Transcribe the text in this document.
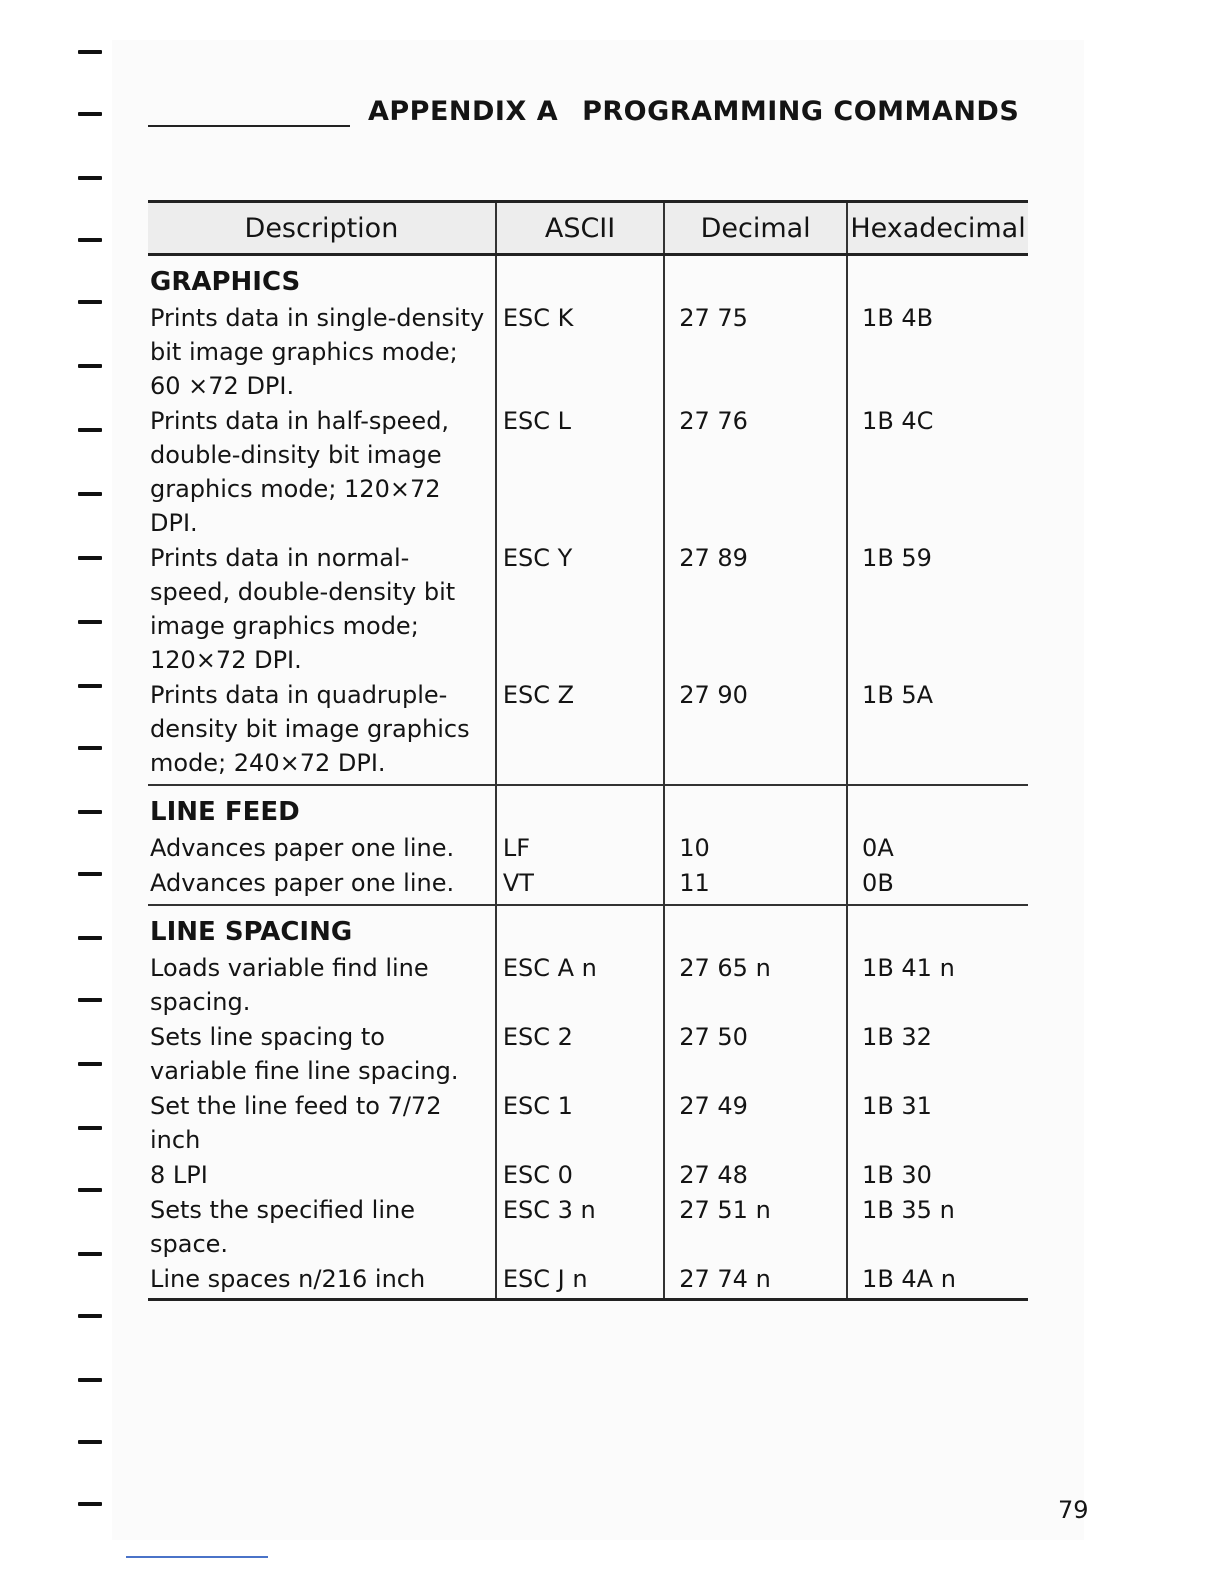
APPENDIX A PROGRAMMING COMMANDS
Description	ASCII	Decimal	Hexadecimal

GRAPHICS			

Prints data in single-density bit image graphics mode; 60 ×72 DPI.	ESC K	27 75	1B 4B
Prints data in half-speed, double-dinsity bit image graphics mode; 120×72 DPI.	ESC L	27 76	1B 4C
Prints data in normal-speed, double-density bit image graphics mode; 120×72 DPI.	ESC Y	27 89	1B 59
Prints data in quadruple-density bit image graphics mode; 240×72 DPI.	ESC Z	27 90	1B 5A

LINE FEED			

Advances paper one line.	LF	10	0A
Advances paper one line.	VT	11	0B

LINE SPACING			

Loads variable find line spacing.	ESC A n	27 65 n	1B 41 n
Sets line spacing to variable fine line spacing.	ESC 2	27 50	1B 32
Set the line feed to 7/72 inch	ESC 1	27 49	1B 31
8 LPI	ESC 0	27 48	1B 30
Sets the specified line space.	ESC 3 n	27 51 n	1B 35 n
Line spaces n/216 inch	ESC J n	27 74 n	1B 4A n
79
